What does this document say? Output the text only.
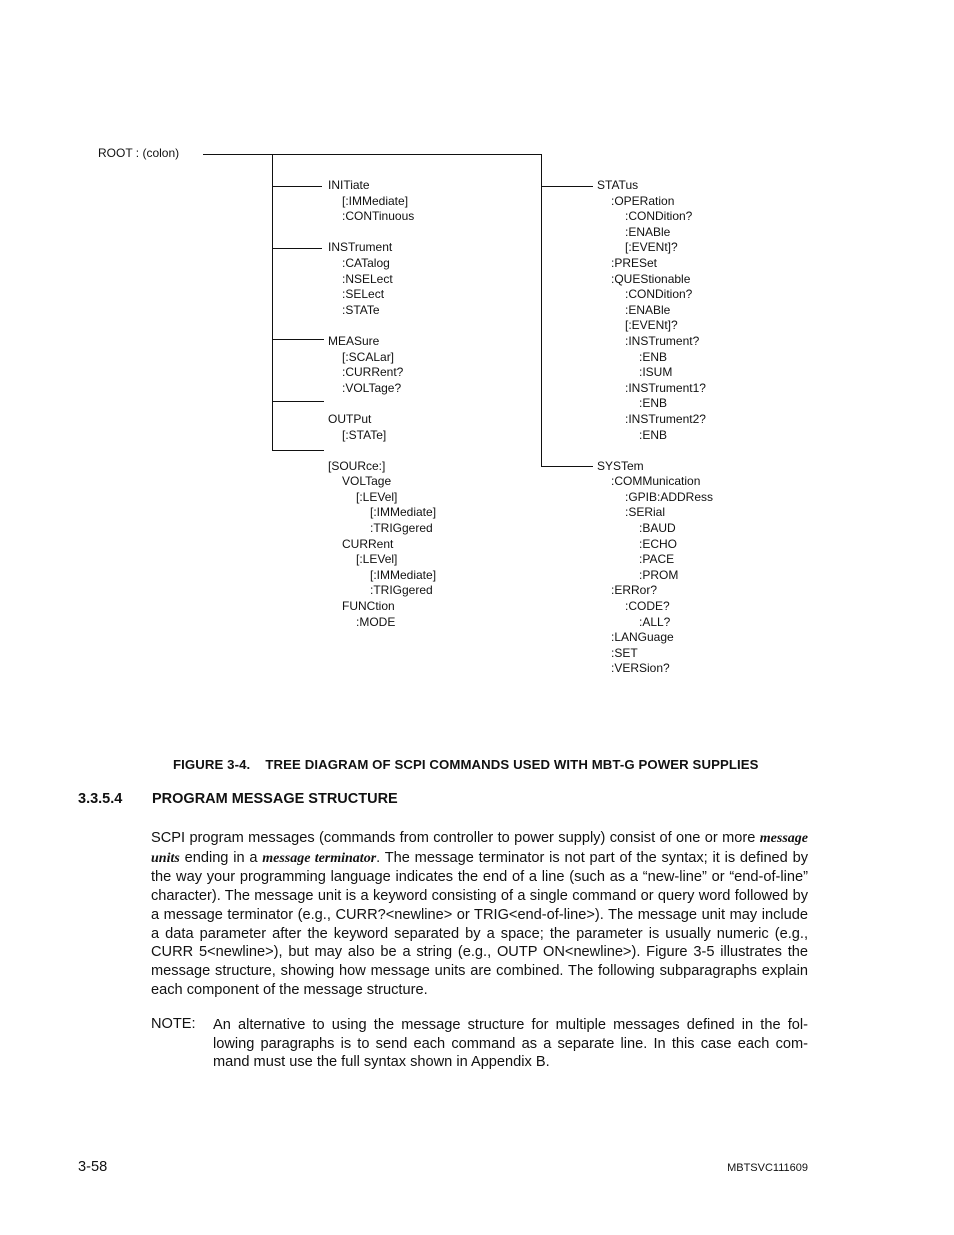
ROOT : (colon)
INITiate
[:IMMediate]
:CONTinuous
INSTrument
:CATalog
:NSELect
:SELect
:STATe
MEASure
[:SCALar]
:CURRent?
:VOLTage?
OUTPut
[:STATe]
[SOURce:]
VOLTage
[:LEVel]
[:IMMediate]
:TRIGgered
CURRent
[:LEVel]
[:IMMediate]
:TRIGgered
FUNCtion
:MODE
STATus
:OPERation
:CONDition?
:ENABle
[:EVENt]?
:PRESet
:QUEStionable
:CONDition?
:ENABle
[:EVENt]?
:INSTrument?
:ENB
:ISUM
:INSTrument1?
:ENB
:INSTrument2?
:ENB
SYSTem
:COMMunication
:GPIB:ADDRess
:SERial
:BAUD
:ECHO
:PACE
:PROM
:ERRor?
:CODE?
:ALL?
:LANGuage
:SET
:VERSion?
FIGURE 3-4.    TREE DIAGRAM OF SCPI COMMANDS USED WITH MBT-G POWER SUPPLIES
3.3.5.4 PROGRAM MESSAGE STRUCTURE
SCPI program messages (commands from controller to power supply) consist of one or more message units ending in a message terminator. The message terminator is not part of the syntax; it is defined by the way your programming language indicates the end of a line (such as a “new-line” or “end-of-line” character). The message unit is a keyword consisting of a single command or query word followed by a message terminator (e.g., CURR?<newline> or TRIG<end-of-line>). The message unit may include a data parameter after the keyword separated by a space; the parameter is usually numeric (e.g., CURR 5<newline>), but may also be a string (e.g., OUTP ON<newline>). Figure 3-5 illustrates the message structure, showing how message units are combined. The following subparagraphs explain each component of the message structure.
NOTE: An alternative to using the message structure for multiple messages defined in the fol-lowing paragraphs is to send each command as a separate line. In this case each com-mand must use the full syntax shown in Appendix B.
3-58	MBTSVC111609
